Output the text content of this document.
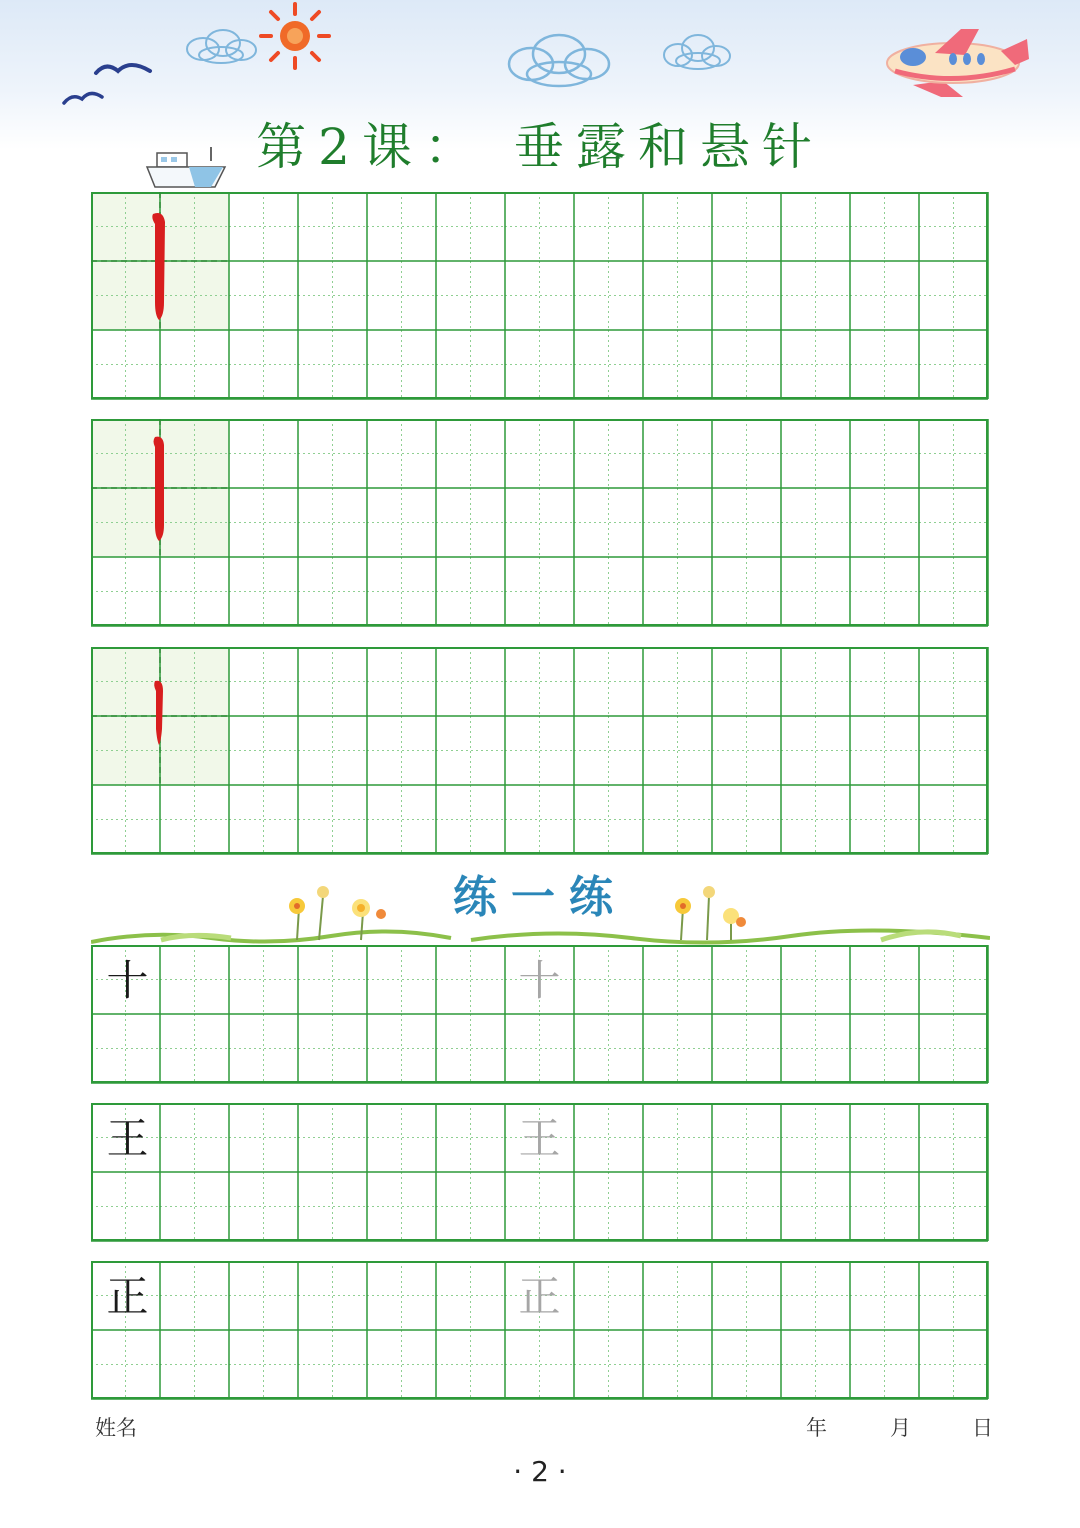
第2课： 垂露和悬针
练一练
十	十
王	王
正	正
姓名	年	月	日
· 2 ·
